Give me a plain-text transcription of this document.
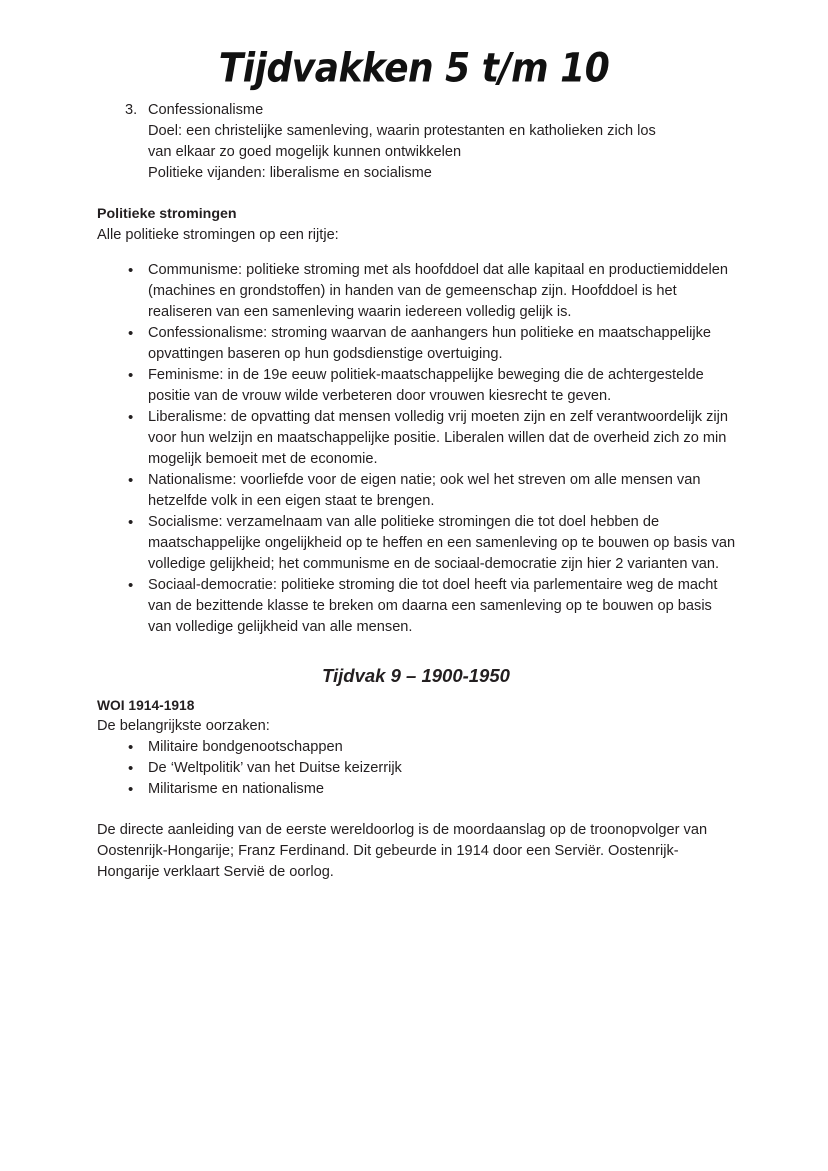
Tijdvakken 5 t/m 10
3. Confessionalisme
Doel: een christelijke samenleving, waarin protestanten en katholieken zich los
van elkaar zo goed mogelijk kunnen ontwikkelen
Politieke vijanden: liberalisme en socialisme
Politieke stromingen
Alle politieke stromingen op een rijtje:
•	Communisme: politieke stroming met als hoofddoel dat alle kapitaal en productiemiddelen (machines en grondstoffen) in handen van de gemeenschap zijn. Hoofddoel is het realiseren van een samenleving waarin iedereen volledig gelijk is.
•	Confessionalisme: stroming waarvan de aanhangers hun politieke en maatschappelijke opvattingen baseren op hun godsdienstige overtuiging.
•	Feminisme: in de 19e eeuw politiek-maatschappelijke beweging die de achtergestelde positie van de vrouw wilde verbeteren door vrouwen kiesrecht te geven.
•	Liberalisme: de opvatting dat mensen volledig vrij moeten zijn en zelf verantwoordelijk zijn voor hun welzijn en maatschappelijke positie. Liberalen willen dat de overheid zich zo min mogelijk bemoeit met de economie.
•	Nationalisme: voorliefde voor de eigen natie; ook wel het streven om alle mensen van hetzelfde volk in een eigen staat te brengen.
•	Socialisme: verzamelnaam van alle politieke stromingen die tot doel hebben de maatschappelijke ongelijkheid op te heffen en een samenleving op te bouwen op basis van volledige gelijkheid; het communisme en de sociaal-democratie zijn hier 2 varianten van.
•	Sociaal-democratie: politieke stroming die tot doel heeft via parlementaire weg de macht van de bezittende klasse te breken om daarna een samenleving op te bouwen op basis van volledige gelijkheid van alle mensen.
Tijdvak 9 – 1900-1950
WOI 1914-1918
De belangrijkste oorzaken:
•	Militaire bondgenootschappen
•	De ‘Weltpolitik’ van het Duitse keizerrijk
•	Militarisme en nationalisme
De directe aanleiding van de eerste wereldoorlog is de moordaanslag op de troonopvolger van Oostenrijk-Hongarije; Franz Ferdinand. Dit gebeurde in 1914 door een Serviër. Oostenrijk-Hongarije verklaart Servië de oorlog.
